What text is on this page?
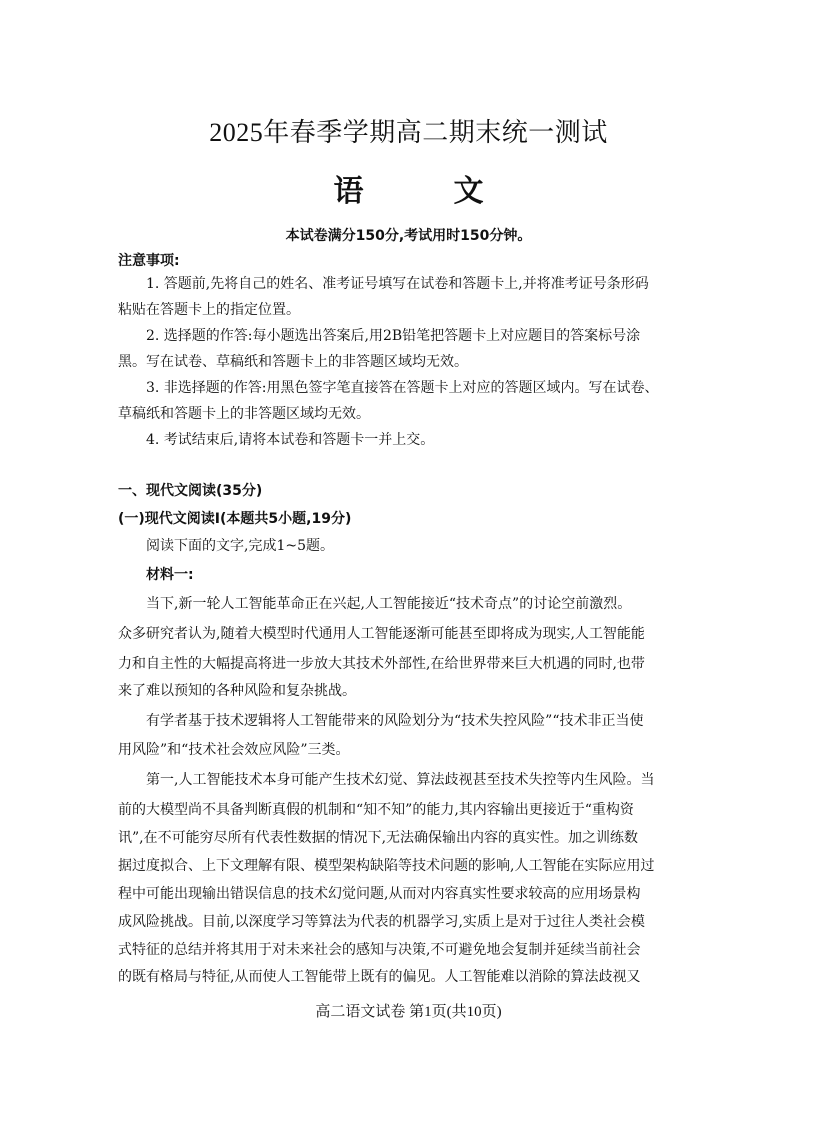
2025年春季学期高二期末统一测试
语	文
本试卷满分150分,考试用时150分钟。
注意事项:
1. 答题前,先将自己的姓名、准考证号填写在试卷和答题卡上,并将准考证号条形码
粘贴在答题卡上的指定位置。
2. 选择题的作答:每小题选出答案后,用2B铅笔把答题卡上对应题目的答案标号涂
黑。写在试卷、草稿纸和答题卡上的非答题区域均无效。
3. 非选择题的作答:用黑色签字笔直接答在答题卡上对应的答题区域内。写在试卷、
草稿纸和答题卡上的非答题区域均无效。
4. 考试结束后,请将本试卷和答题卡一并上交。
一、现代文阅读(35分)
(一)现代文阅读Ⅰ(本题共5小题,19分)
阅读下面的文字,完成1~5题。
材料一:
当下,新一轮人工智能革命正在兴起,人工智能接近“技术奇点”的讨论空前激烈。
众多研究者认为,随着大模型时代通用人工智能逐渐可能甚至即将成为现实,人工智能能
力和自主性的大幅提高将进一步放大其技术外部性,在给世界带来巨大机遇的同时,也带
来了难以预知的各种风险和复杂挑战。
有学者基于技术逻辑将人工智能带来的风险划分为“技术失控风险”“技术非正当使
用风险”和“技术社会效应风险”三类。
第一,人工智能技术本身可能产生技术幻觉、算法歧视甚至技术失控等内生风险。当
前的大模型尚不具备判断真假的机制和“知不知”的能力,其内容输出更接近于“重构资
讯”,在不可能穷尽所有代表性数据的情况下,无法确保输出内容的真实性。加之训练数
据过度拟合、上下文理解有限、模型架构缺陷等技术问题的影响,人工智能在实际应用过
程中可能出现输出错误信息的技术幻觉问题,从而对内容真实性要求较高的应用场景构
成风险挑战。目前,以深度学习等算法为代表的机器学习,实质上是对于过往人类社会模
式特征的总结并将其用于对未来社会的感知与决策,不可避免地会复制并延续当前社会
的既有格局与特征,从而使人工智能带上既有的偏见。人工智能难以消除的算法歧视又
高二语文试卷 第1页(共10页)
